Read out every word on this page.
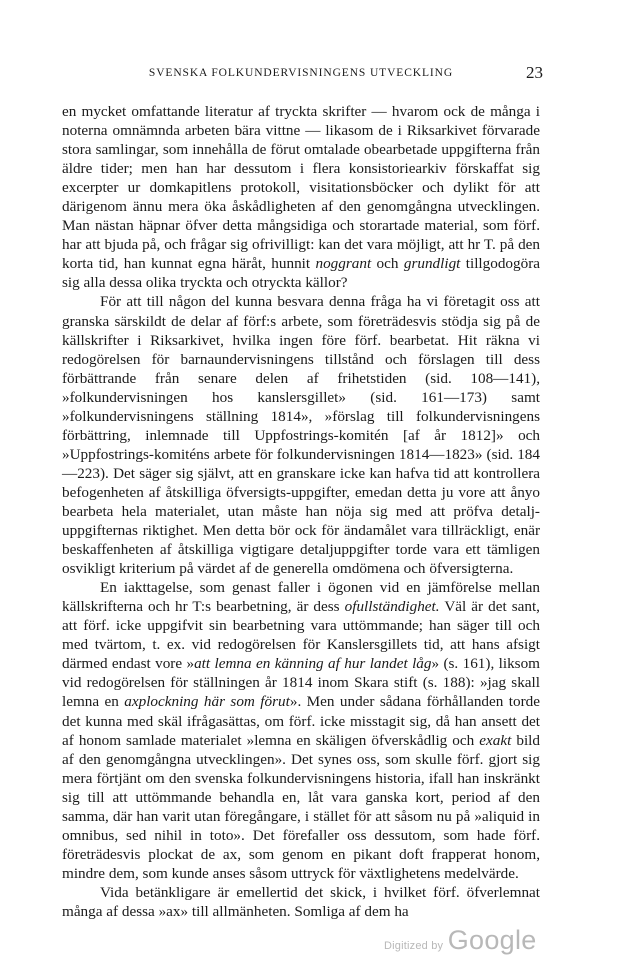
SVENSKA FOLKUNDERVISNINGENS UTVECKLING	23

en mycket omfattande literatur af tryckta skrifter — hvarom ock de många i noterna omnämnda arbeten bära vittne — likasom de i Riksarkivet förvarade stora samlingar, som innehålla de förut omtalade obearbetade uppgifterna från äldre tider; men han har dessutom i flera konsistoriearkiv förskaffat sig excerpter ur domkapitlens protokoll, visitationsböcker och dylikt för att därigenom ännu mera öka åskådligheten af den genomgångna utvecklingen. Man nästan häpnar öfver detta mångsidiga och storartade material, som förf. har att bjuda på, och frågar sig ofrivilligt: kan det vara möjligt, att hr T. på den korta tid, han kunnat egna häråt, hunnit noggrant och grundligt tillgodogöra sig alla dessa olika tryckta och otryckta källor?

För att till någon del kunna besvara denna fråga ha vi företagit oss att granska särskildt de delar af förf:s arbete, som företrädesvis stödja sig på de källskrifter i Riksarkivet, hvilka ingen före förf. bearbetat. Hit räkna vi redogörelsen för barnaundervisningens tillstånd och förslagen till dess förbättrande från senare delen af frihetstiden (sid. 108—141), »folkundervisningen hos kanslersgillet» (sid. 161—173) samt »folkundervisningens ställning 1814», »förslag till folkundervisningens förbättring, inlemnade till Uppfostrings-komitén [af år 1812]» och »Uppfostrings-komiténs arbete för folkundervisningen 1814—1823» (sid. 184—223). Det säger sig självt, att en granskare icke kan hafva tid att kontrollera befogenheten af åtskilliga öfversigts-uppgifter, emedan detta ju vore att ånyo bearbeta hela materialet, utan måste han nöja sig med att pröfva detalj-uppgifternas riktighet. Men detta bör ock för ändamålet vara tillräckligt, enär beskaffenheten af åtskilliga vigtigare detaljuppgifter torde vara ett tämligen osvikligt kriterium på värdet af de generella omdömena och öfversigterna.

En iakttagelse, som genast faller i ögonen vid en jämförelse mellan källskrifterna och hr T:s bearbetning, är dess ofullständighet. Väl är det sant, att förf. icke uppgifvit sin bearbetning vara uttömmande; han säger till och med tvärtom, t. ex. vid redogörelsen för Kanslersgillets tid, att hans afsigt därmed endast vore »att lemna en känning af hur landet låg» (s. 161), liksom vid redogörelsen för ställningen år 1814 inom Skara stift (s. 188): »jag skall lemna en axplockning här som förut». Men under sådana förhållanden torde det kunna med skäl ifrågasättas, om förf. icke misstagit sig, då han ansett det af honom samlade materialet »lemna en skäligen öfverskådlig och exakt bild af den genomgångna utvecklingen». Det synes oss, som skulle förf. gjort sig mera förtjänt om den svenska folkundervisningens historia, ifall han inskränkt sig till att uttömmande behandla en, låt vara ganska kort, period af den samma, där han varit utan föregångare, i stället för att såsom nu på »aliquid in omnibus, sed nihil in toto». Det förefaller oss dessutom, som hade förf. företrädesvis plockat de ax, som genom en pikant doft frapperat honom, mindre dem, som kunde anses såsom uttryck för växtlighetens medelvärde.

Vida betänkligare är emellertid det skick, i hvilket förf. öfverlemnat många af dessa »ax» till allmänheten. Somliga af dem ha

Digitized by Google
